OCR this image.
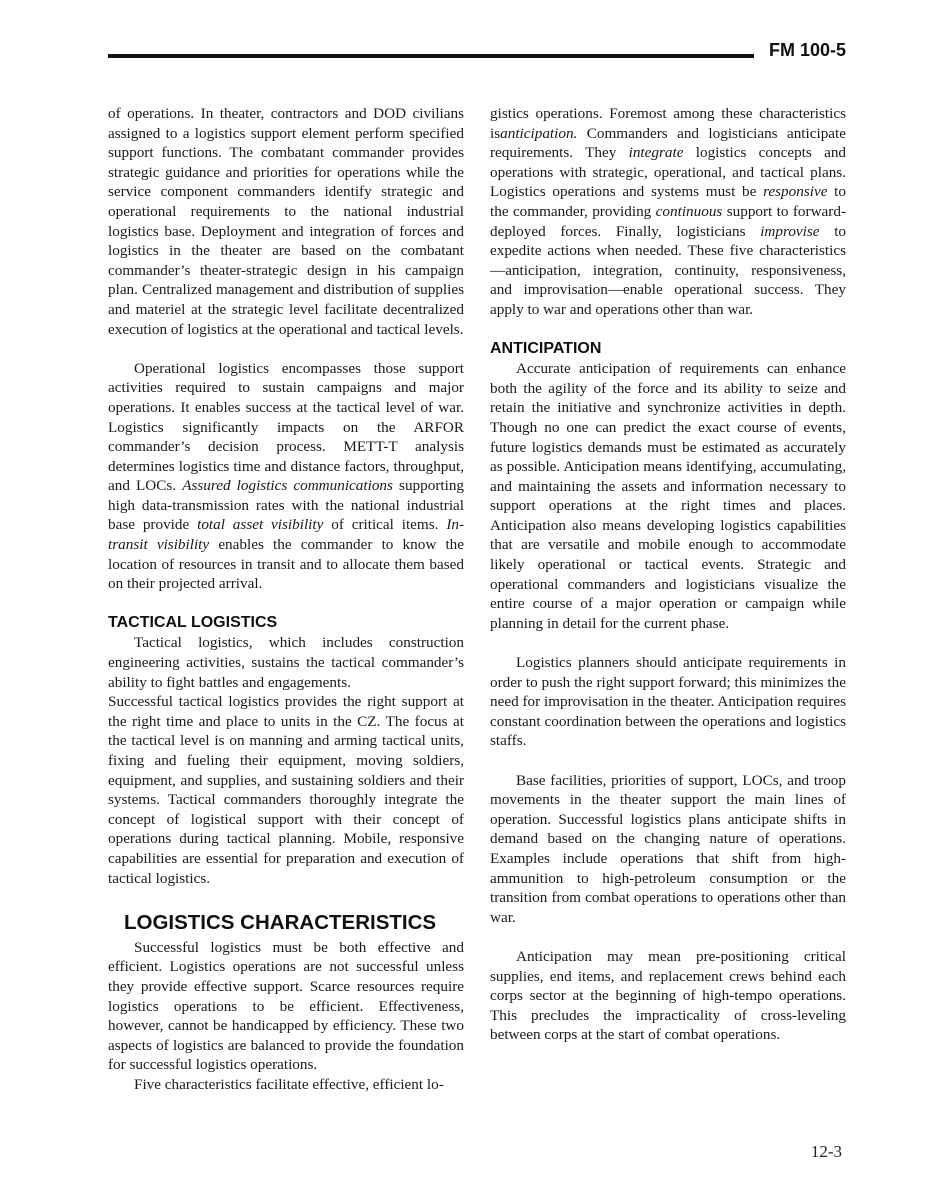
FM 100-5

of operations. In theater, contractors and DOD civilians assigned to a logistics support element perform specified support functions. The combatant commander provides strategic guidance and priorities for operations while the service component commanders identify strategic and operational requirements to the national industrial logistics base. Deployment and integration of forces and logistics in the theater are based on the combatant commander’s theater-strategic design in his campaign plan. Centralized management and distribution of supplies and materiel at the strategic level facilitate decentralized execution of logistics at the operational and tactical levels.

Operational logistics encompasses those support activities required to sustain campaigns and major operations. It enables success at the tactical level of war. Logistics significantly impacts on the ARFOR commander’s decision process. METT-T analysis determines logistics time and distance factors, throughput, and LOCs. Assured logistics communications supporting high data-transmission rates with the national industrial base provide total asset visibility of critical items. In-transit visibility enables the commander to know the location of resources in transit and to allocate them based on their projected arrival.

TACTICAL LOGISTICS

Tactical logistics, which includes construction engineering activities, sustains the tactical commander’s ability to fight battles and engagements.

Successful tactical logistics provides the right support at the right time and place to units in the CZ. The focus at the tactical level is on manning and arming tactical units, fixing and fueling their equipment, moving soldiers, equipment, and supplies, and sustaining soldiers and their systems. Tactical commanders thoroughly integrate the concept of logistical support with their concept of operations during tactical planning. Mobile, responsive capabilities are essential for preparation and execution of tactical logistics.

LOGISTICS CHARACTERISTICS

Successful logistics must be both effective and efficient. Logistics operations are not successful unless they provide effective support. Scarce resources require logistics operations to be efficient. Effectiveness, however, cannot be handicapped by efficiency. These two aspects of logistics are balanced to provide the foundation for successful logistics operations.

Five characteristics facilitate effective, efficient lo-

gistics operations. Foremost among these characteristics isanticipation. Commanders and logisticians anticipate requirements. They integrate logistics concepts and operations with strategic, operational, and tactical plans. Logistics operations and systems must be responsive to the commander, providing continuous support to forward-deployed forces. Finally, logisticians improvise to expedite actions when needed. These five characteristics—anticipation, integration, continuity, responsiveness, and improvisation—enable operational success. They apply to war and operations other than war.

ANTICIPATION

Accurate anticipation of requirements can enhance both the agility of the force and its ability to seize and retain the initiative and synchronize activities in depth. Though no one can predict the exact course of events, future logistics demands must be estimated as accurately as possible. Anticipation means identifying, accumulating, and maintaining the assets and information necessary to support operations at the right times and places. Anticipation also means developing logistics capabilities that are versatile and mobile enough to accommodate likely operational or tactical events. Strategic and operational commanders and logisticians visualize the entire course of a major operation or campaign while planning in detail for the current phase.

Logistics planners should anticipate requirements in order to push the right support forward; this minimizes the need for improvisation in the theater. Anticipation requires constant coordination between the operations and logistics staffs.

Base facilities, priorities of support, LOCs, and troop movements in the theater support the main lines of operation. Successful logistics plans anticipate shifts in demand based on the changing nature of operations. Examples include operations that shift from high-ammunition to high-petroleum consumption or the transition from combat operations to operations other than war.

Anticipation may mean pre-positioning critical supplies, end items, and replacement crews behind each corps sector at the beginning of high-tempo operations. This precludes the impracticality of cross-leveling between corps at the start of combat operations.

12-3
